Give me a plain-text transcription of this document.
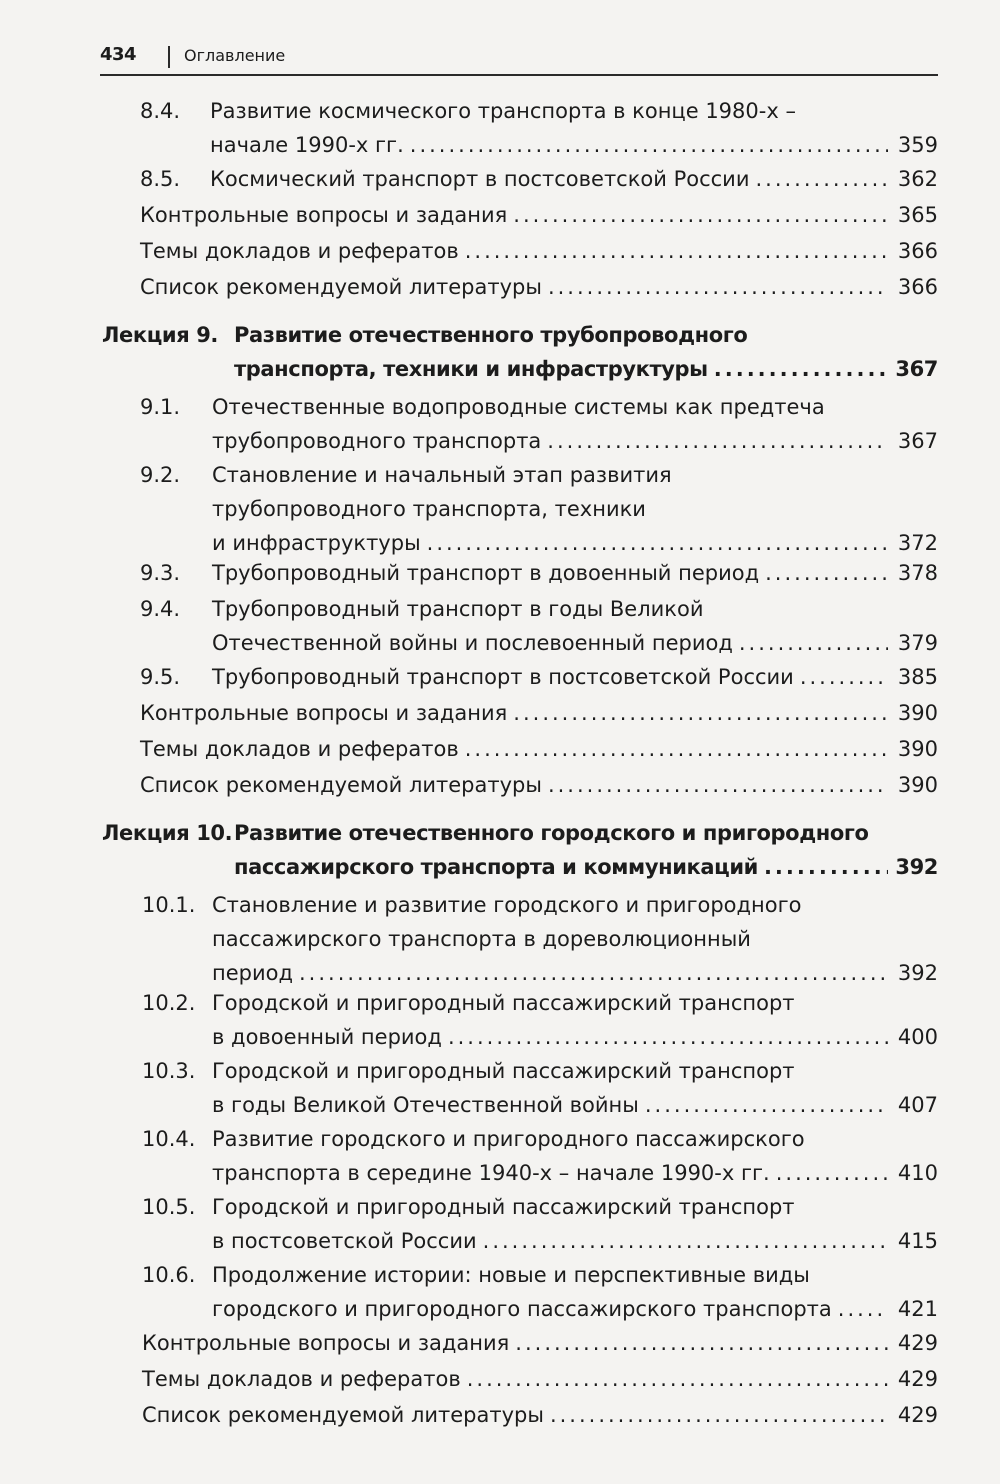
434	Оглавление
8.4. Развитие космического транспорта в конце 1980-х –
начале 1990-х гг. .....	359
8.5. Космический транспорт в постсоветской России .....	362
Контрольные вопросы и задания .....	365
Темы докладов и рефератов .....	366
Список рекомендуемой литературы .....	366
Лекция 9. Развитие отечественного трубопроводного
транспорта, техники и инфраструктуры .....	367
9.1. Отечественные водопроводные системы как предтеча
трубопроводного транспорта .....	367
9.2. Становление и начальный этап развития
трубопроводного транспорта, техники
и инфраструктуры .....	372
9.3. Трубопроводный транспорт в довоенный период .....	378
9.4. Трубопроводный транспорт в годы Великой
Отечественной войны и послевоенный период .....	379
9.5. Трубопроводный транспорт в постсоветской России .....	385
Контрольные вопросы и задания .....	390
Темы докладов и рефератов .....	390
Список рекомендуемой литературы .....	390
Лекция 10. Развитие отечественного городского и пригородного
пассажирского транспорта и коммуникаций .....	392
10.1. Становление и развитие городского и пригородного
пассажирского транспорта в дореволюционный
период .....	392
10.2. Городской и пригородный пассажирский транспорт
в довоенный период .....	400
10.3. Городской и пригородный пассажирский транспорт
в годы Великой Отечественной войны .....	407
10.4. Развитие городского и пригородного пассажирского
транспорта в середине 1940-х – начале 1990-х гг. .....	410
10.5. Городской и пригородный пассажирский транспорт
в постсоветской России .....	415
10.6. Продолжение истории: новые и перспективные виды
городского и пригородного пассажирского транспорта .....	421
Контрольные вопросы и задания .....	429
Темы докладов и рефератов .....	429
Список рекомендуемой литературы .....	429
